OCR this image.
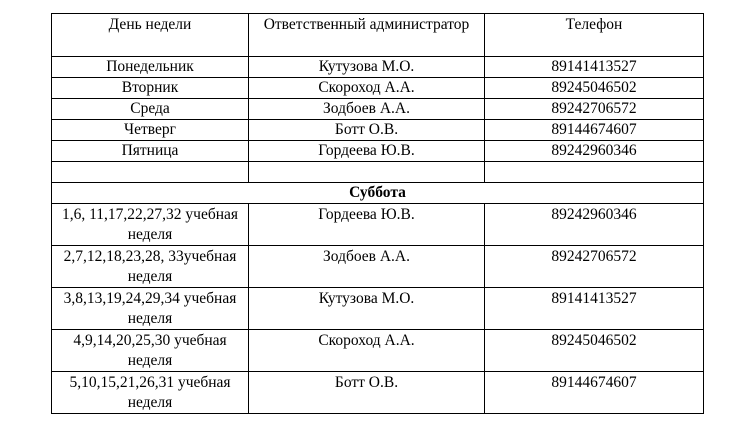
День недели	Ответственный администратор	Телефон
Понедельник	Кутузова М.О.	89141413527
Вторник	Скороход А.А.	89245046502
Среда	Зодбоев А.А.	89242706572
Четверг	Ботт О.В.	89144674607
Пятница	Гордеева Ю.В.	89242960346

Суббота		
1,6, 11,17,22,27,32 учебная неделя	Гордеева Ю.В.	89242960346
2,7,12,18,23,28, 33учебная неделя	Зодбоев А.А.	89242706572
3,8,13,19,24,29,34 учебная неделя	Кутузова М.О.	89141413527
4,9,14,20,25,30 учебная неделя	Скороход А.А.	89245046502
5,10,15,21,26,31 учебная неделя	Ботт О.В.	89144674607
